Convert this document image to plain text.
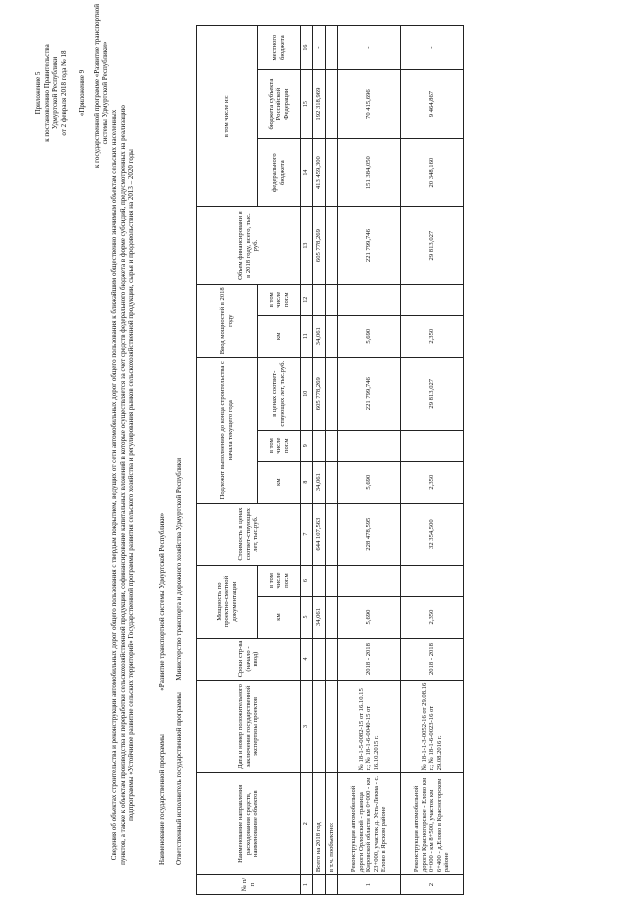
Приложение 5 к постановлению Правительства Удмуртской Республики от 2 февраля 2018 года № 18 «Приложение 9 к государственной программе «Развитие транспортной системы Удмуртской Республики»
Сведения об объектах строительства и реконструкции автомобильных дорог общего пользования с твердым покрытием, ведущих от сети автомобильных дорог общего пользования к ближайшим общественно значимым объектам сельских населенных пунктов, а также к объектам производства и переработки сельскохозяйственной продукции, софинансирование капитальных вложений в которые осуществляется за счет средств федерального бюджета в форме субсидий, предусмотренных на реализацию подпрограммы «Устойчивое развитие сельских территорий» Государственной программы развития сельского хозяйства и регулирования рынков сельскохозяйственной продукции, сырья и продовольствия на 2013 – 2020 годы	Наименование государственной программы  «Развитие транспортной системы Удмуртской Республики»
Ответственный исполнитель государственной программы  Министерство транспорта и дорожного хозяйства Удмуртской Республики
№ п/п	Наименование направления расходования средств, наименование объектов	Дата и номер положительного заключения государственной экспертизы проектов	Сроки стр-ва (начало - ввод)	Мощность по проектно-сметной документации		Стоимость в ценах соответ-ствующих лет, тыс.руб.	Подлежит выполнению до конца строительства с начала текущего года			Ввод мощностей в 2018 году		Объем финансировани я в 2018 году, всего, тыс. руб.	в том числе из:		
							км	в том числе пог.м	в ценах соответ-ствующих лет, тыс.руб.				федерального бюджета	бюджета субъекта Российской Федерации	местного бюджета
				км	в том числе пог.м					км	в том числе пог.м				
1	2	3	4	5	6	7	8	9	10	11	12	13	14	15	16
	Всего на 2018 год			34,061		644 107,563	34,061		605 778,269	34,061		605 778,269	413 459,300	192 318,969	-
	в т.ч. пообъектно:														
1	Реконструкция автомобильной дороги Орловский - граница Кировской области км 0+000 - км 23+000, участок д. Усть-Лекма - с. Елово в Ярском районе	№ 18-1-5-0082-15 от 16.10.15 г.; № 18-1-6-0040-15 от 16.10.2015 г.	2018 - 2018	5,690		228 478,595	5,690		221 799,746	5,690		221 799,746	151 384,050	70 415,696	-
2	Реконструкция автомобильной дороги Красногорское - Елово км 0+000 - км 8+500, участок км 6+400 - д.Елово в Красногорском районе	№ 18-1-1-3-0052-16 от 29.08.16 г.; № 18-1-6-0023-16 от 29.08.2016 г.	2018 - 2018	2,350		32 354,500	2,350		29 813,027	2,350		29 813,027	20 348,160	9 464,867	-
